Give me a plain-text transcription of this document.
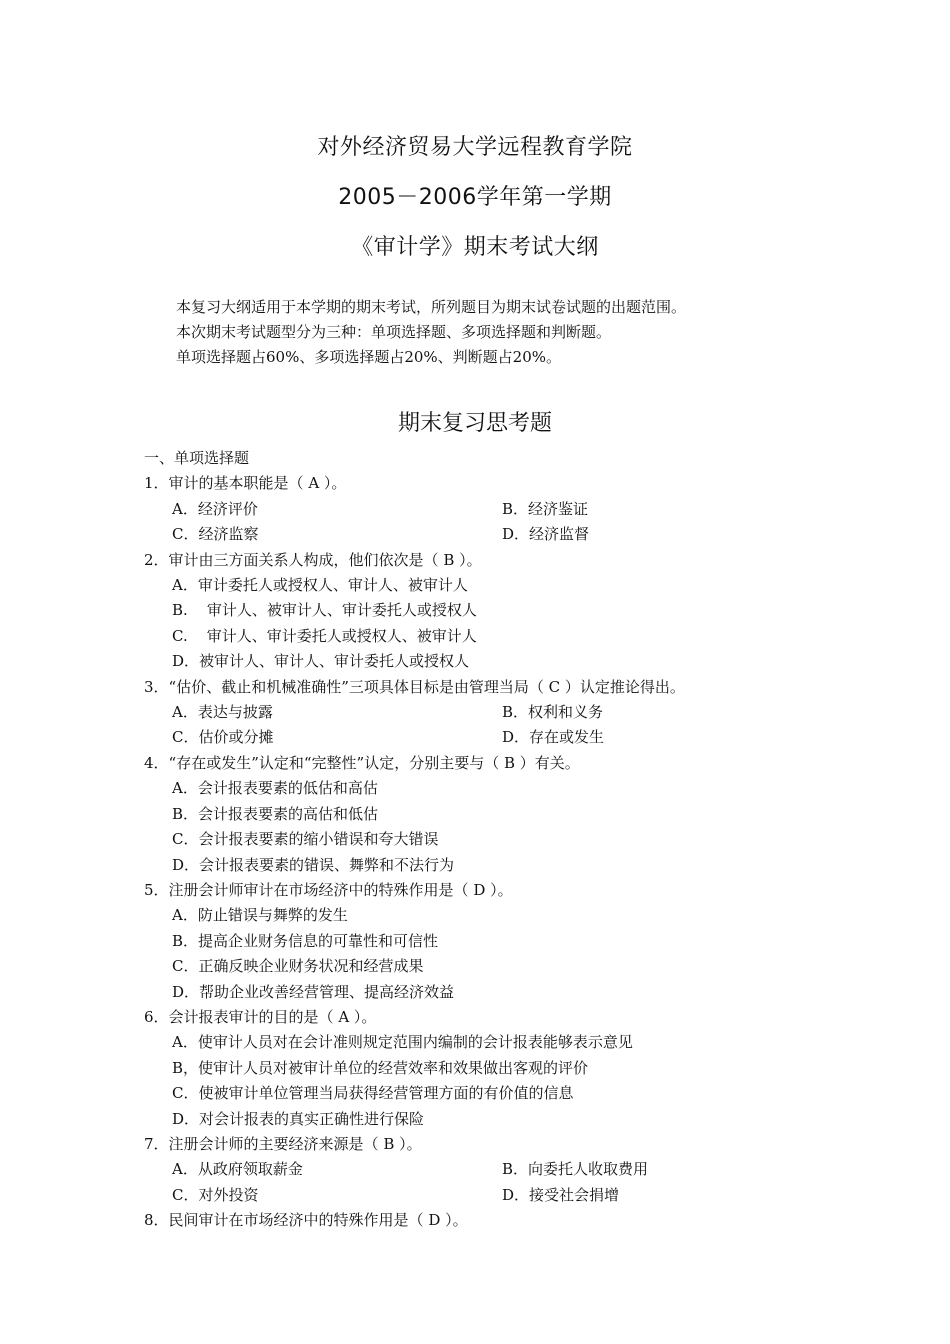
对外经济贸易大学远程教育学院
2005－2006学年第一学期
《审计学》期末考试大纲
本复习大纲适用于本学期的期末考试，所列题目为期末试卷试题的出题范围。
本次期末考试题型分为三种：单项选择题、多项选择题和判断题。
单项选择题占60%、多项选择题占20%、判断题占20%。
期末复习思考题
一、单项选择题
1．审计的基本职能是（ A ）。
A．经济评价	B．经济鉴证
C．经济监察	D．经济监督
2．审计由三方面关系人构成，他们依次是（ B ）。
A．审计委托人或授权人、审计人、被审计人
B.    审计人、被审计人、审计委托人或授权人
C.    审计人、审计委托人或授权人、被审计人
D．被审计人、审计人、审计委托人或授权人
3．“估价、截止和机械准确性”三项具体目标是由管理当局（ C ）认定推论得出。
A．表达与披露	B．权利和义务
C．估价或分摊	D．存在或发生
4．“存在或发生”认定和“完整性”认定，分别主要与（ B ）有关。
A．会计报表要素的低估和高估
B．会计报表要素的高估和低估
C．会计报表要素的缩小错误和夸大错误
D．会计报表要素的错误、舞弊和不法行为
5．注册会计师审计在市场经济中的特殊作用是（ D ）。
A．防止错误与舞弊的发生
B．提高企业财务信息的可靠性和可信性
C．正确反映企业财务状况和经营成果
D．帮助企业改善经营管理、提高经济效益
6．会计报表审计的目的是（ A ）。
A．使审计人员对在会计准则规定范围内编制的会计报表能够表示意见
B，使审计人员对被审计单位的经营效率和效果做出客观的评价
C．使被审计单位管理当局获得经营管理方面的有价值的信息
D．对会计报表的真实正确性进行保险
7．注册会计师的主要经济来源是（ B ）。
A．从政府领取薪金	B．向委托人收取费用
C．对外投资	D．接受社会捐增
8．民间审计在市场经济中的特殊作用是（ D ）。
